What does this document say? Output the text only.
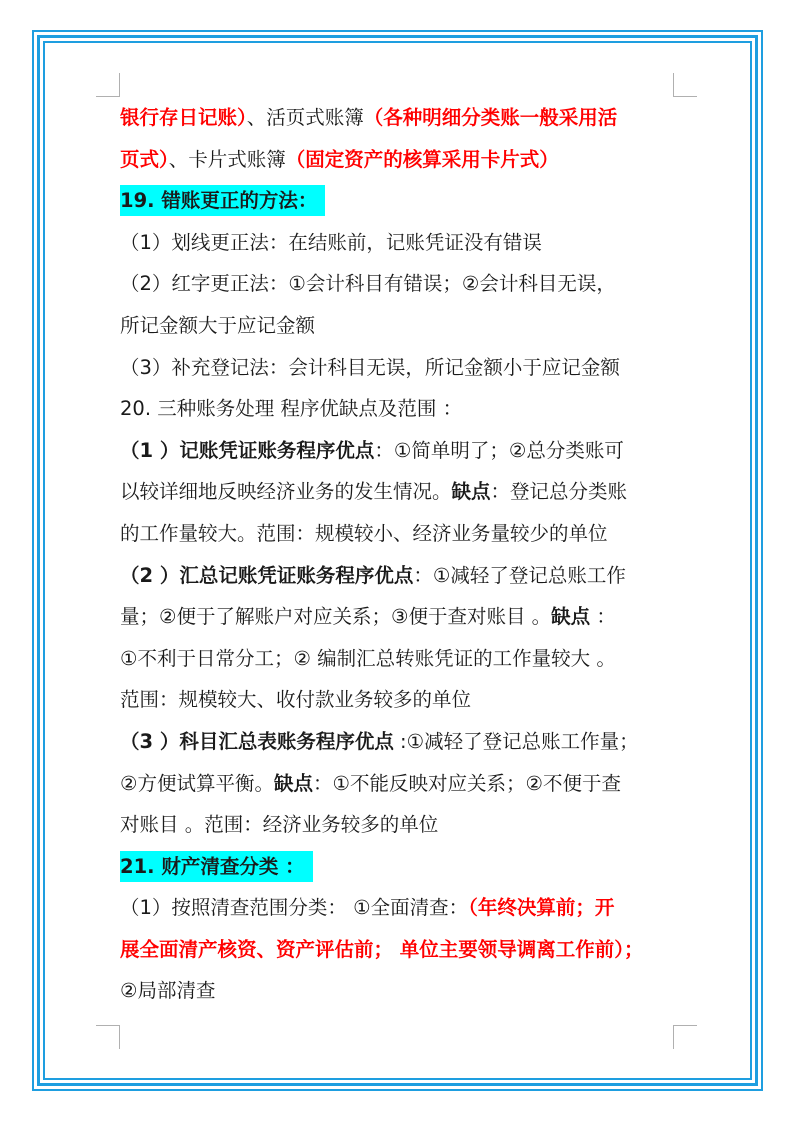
银行存日记账）、活页式账簿（各种明细分类账一般采用活
页式）、卡片式账簿（固定资产的核算采用卡片式）
19. 错账更正的方法：
（1）划线更正法：在结账前，记账凭证没有错误
（2）红字更正法：①会计科目有错误；②会计科目无误，
所记金额大于应记金额
（3）补充登记法：会计科目无误，所记金额小于应记金额
20. 三种账务处理 程序优缺点及范围 ：
（1 ）记账凭证账务程序优点：①简单明了；②总分类账可
以较详细地反映经济业务的发生情况。缺点：登记总分类账
的工作量较大。范围：规模较小、经济业务量较少的单位
（2 ）汇总记账凭证账务程序优点：①减轻了登记总账工作
量；②便于了解账户对应关系；③便于查对账目 。缺点 ：
①不利于日常分工；② 编制汇总转账凭证的工作量较大 。
范围：规模较大、收付款业务较多的单位
（3 ）科目汇总表账务程序优点 :①减轻了登记总账工作量；
②方便试算平衡。缺点：①不能反映对应关系；②不便于查
对账目 。范围：经济业务较多的单位
21. 财产清查分类 ：
（1）按照清查范围分类： ①全面清查：（年终决算前；开
展全面清产核资、资产评估前； 单位主要领导调离工作前）；
②局部清查
